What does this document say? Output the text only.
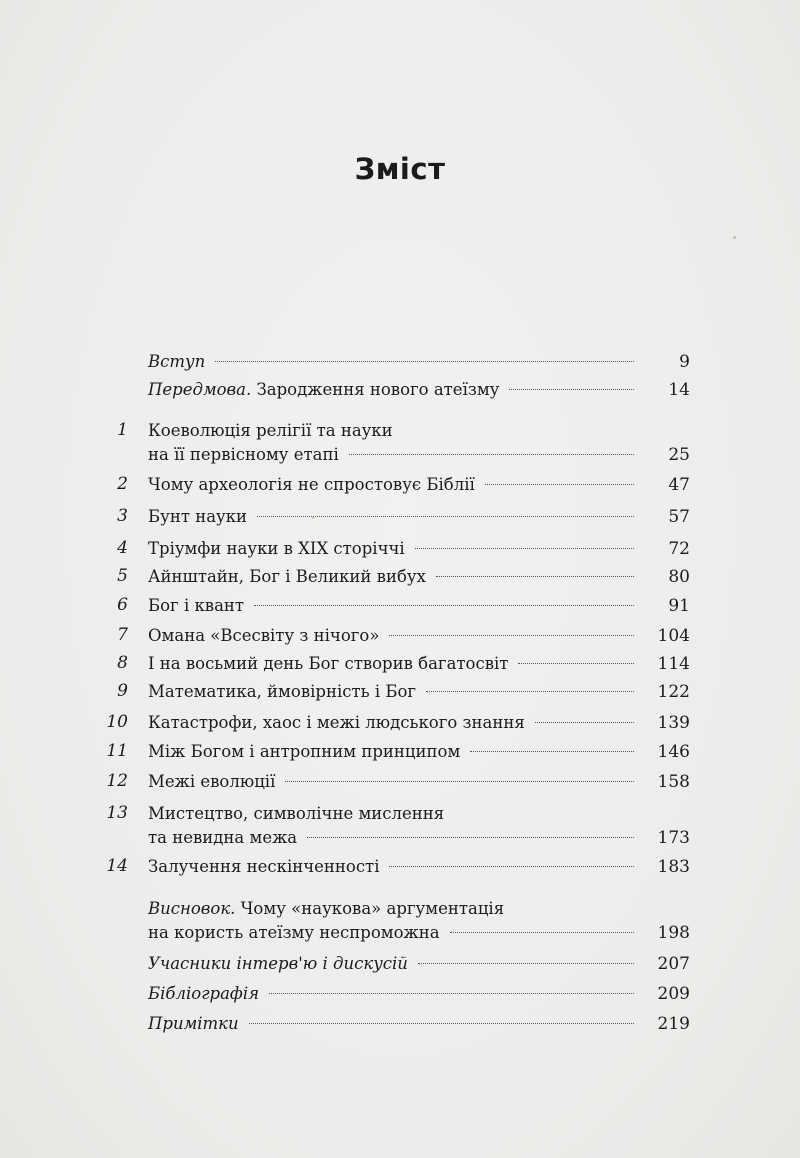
Зміст
Вступ	9
Передмова. Зародження нового атеїзму	14
1 Коеволюція релігії та науки
на її первісному етапі	25
2 Чому археологія не спростовує Біблії	47
3 Бунт науки	57
4 Тріумфи науки в XIX сторіччі	72
5 Айнштайн, Бог і Великий вибух	80
6 Бог і квант	91
7 Омана «Всесвіту з нічого»	104
8 І на восьмий день Бог створив багатосвіт	114
9 Математика, ймовірність і Бог	122
10 Катастрофи, хаос і межі людського знання	139
11 Між Богом і антропним принципом	146
12 Межі еволюції	158
13 Мистецтво, символічне мислення
та невидна межа	173
14 Залучення нескінченності	183
Висновок. Чому «наукова» аргументація
на користь атеїзму неспроможна	198
Учасники інтерв'ю і дискусій	207
Бібліографія	209
Примітки	219
